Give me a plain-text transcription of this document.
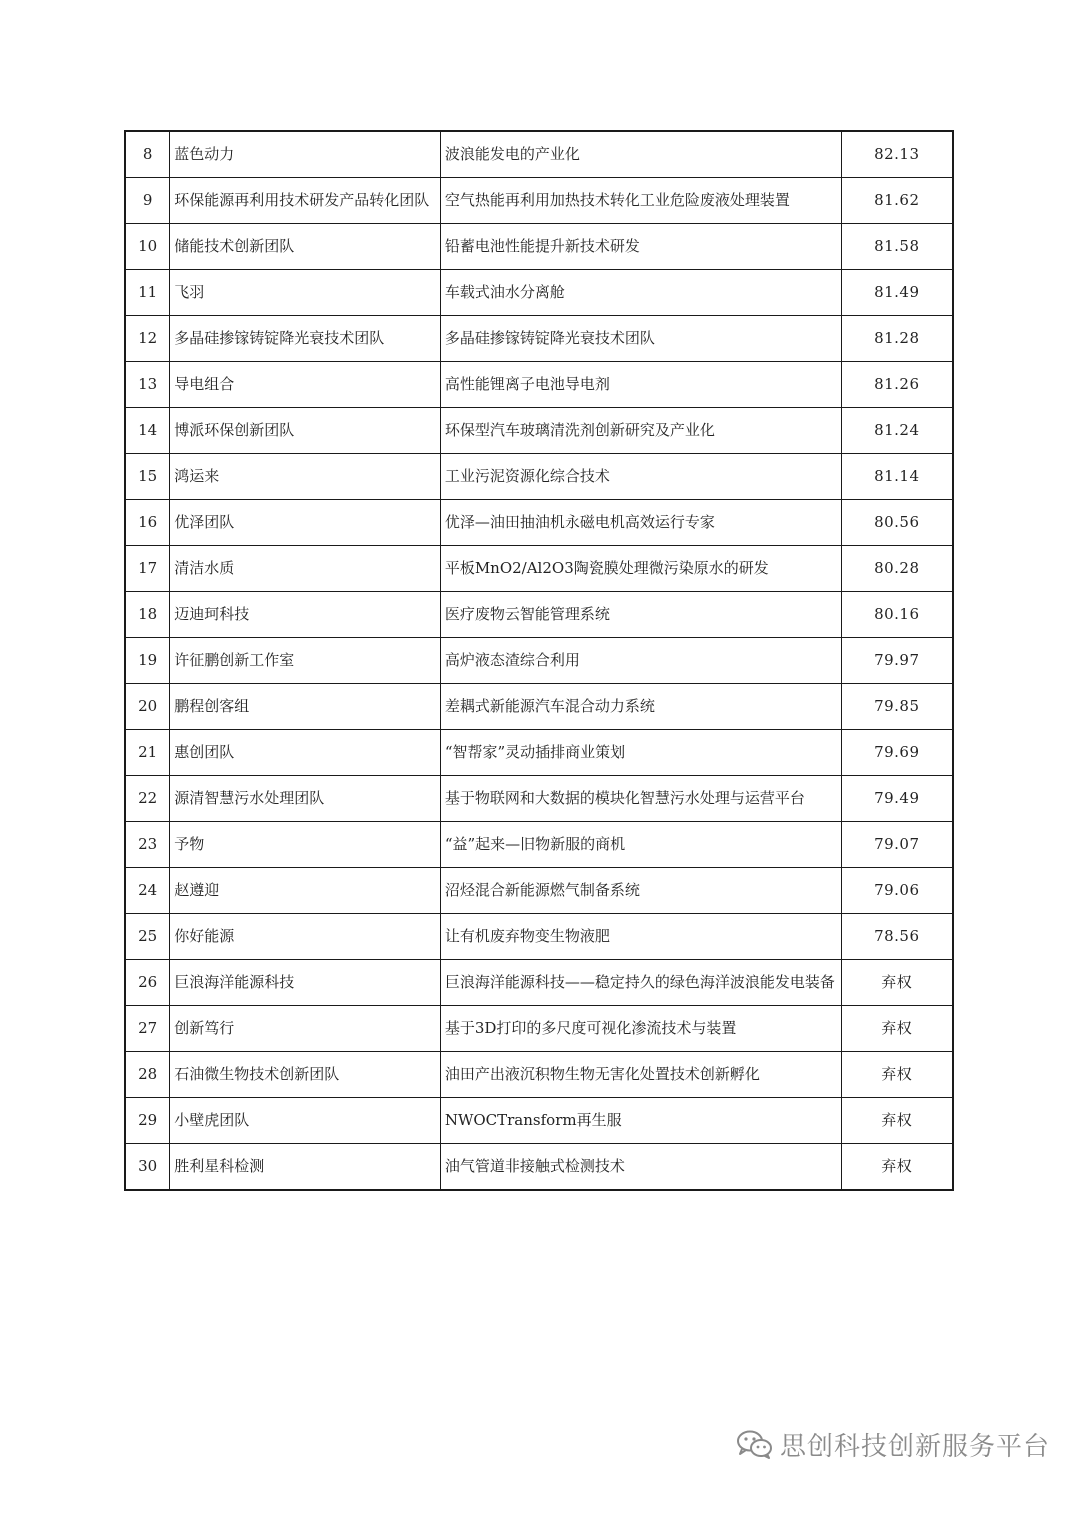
8	蓝色动力	波浪能发电的产业化	82.13
9	环保能源再利用技术研发产品转化团队	空气热能再利用加热技术转化工业危险废液处理装置	81.62
10	储能技术创新团队	铅蓄电池性能提升新技术研发	81.58
11	飞羽	车载式油水分离舱	81.49
12	多晶硅掺镓铸锭降光衰技术团队	多晶硅掺镓铸锭降光衰技术团队	81.28
13	导电组合	高性能锂离子电池导电剂	81.26
14	博派环保创新团队	环保型汽车玻璃清洗剂创新研究及产业化	81.24
15	鸿运来	工业污泥资源化综合技术	81.14
16	优泽团队	优泽—油田抽油机永磁电机高效运行专家	80.56
17	清洁水质	平板MnO2/Al2O3陶瓷膜处理微污染原水的研发	80.28
18	迈迪珂科技	医疗废物云智能管理系统	80.16
19	许征鹏创新工作室	高炉液态渣综合利用	79.97
20	鹏程创客组	差耦式新能源汽车混合动力系统	79.85
21	惠创团队	“智帮家”灵动插排商业策划	79.69
22	源清智慧污水处理团队	基于物联网和大数据的模块化智慧污水处理与运营平台	79.49
23	予物	“益”起来—旧物新服的商机	79.07
24	赵遵迎	沼烃混合新能源燃气制备系统	79.06
25	你好能源	让有机废弃物变生物液肥	78.56
26	巨浪海洋能源科技	巨浪海洋能源科技——稳定持久的绿色海洋波浪能发电装备	弃权
27	创新笃行	基于3D打印的多尺度可视化渗流技术与装置	弃权
28	石油微生物技术创新团队	油田产出液沉积物生物无害化处置技术创新孵化	弃权
29	小壁虎团队	NWOCTransform再生服	弃权
30	胜利星科检测	油气管道非接触式检测技术	弃权
思创科技创新服务平台
